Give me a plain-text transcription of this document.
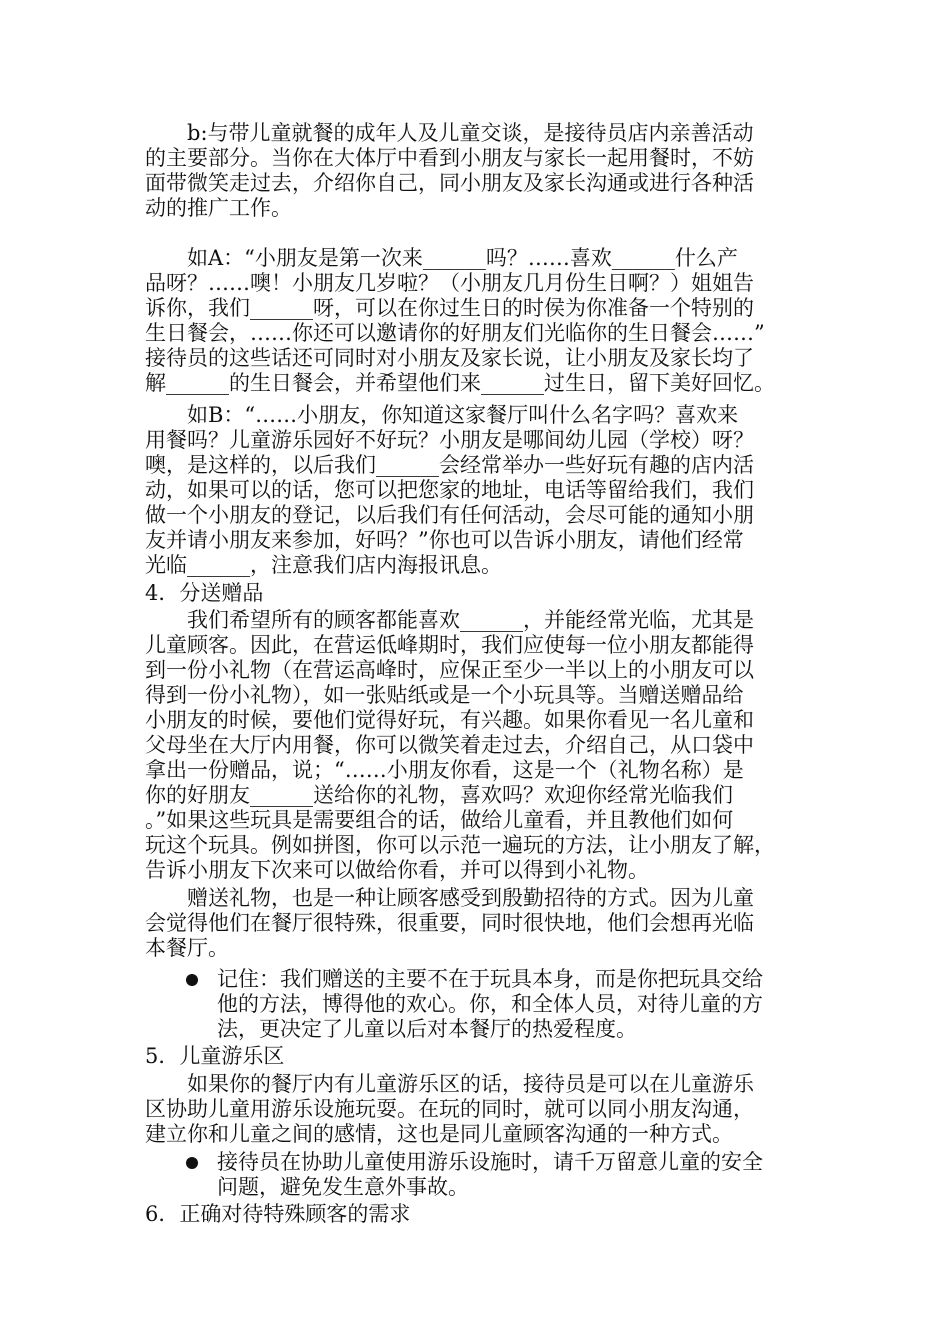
b:与带儿童就餐的成年人及儿童交谈，是接待员店内亲善活动
的主要部分。当你在大体厅中看到小朋友与家长一起用餐时，不妨
面带微笑走过去，介绍你自己，同小朋友及家长沟通或进行各种活
动的推广工作。
如A：“小朋友是第一次来______吗？……喜欢______什么产
品呀？……噢！小朋友几岁啦？（小朋友几月份生日啊？）姐姐告
诉你，我们______呀，可以在你过生日的时侯为你准备一个特别的
生日餐会，……你还可以邀请你的好朋友们光临你的生日餐会……”
接待员的这些话还可同时对小朋友及家长说，让小朋友及家长均了
解______的生日餐会，并希望他们来______过生日，留下美好回忆。
如B：“……小朋友，你知道这家餐厅叫什么名字吗？喜欢来
用餐吗？儿童游乐园好不好玩？小朋友是哪间幼儿园（学校）呀？
噢，是这样的，以后我们______会经常举办一些好玩有趣的店内活
动，如果可以的话，您可以把您家的地址，电话等留给我们，我们
做一个小朋友的登记，以后我们有任何活动，会尽可能的通知小朋
友并请小朋友来参加，好吗？”你也可以告诉小朋友，请他们经常
光临______，注意我们店内海报讯息。
4．分送赠品
我们希望所有的顾客都能喜欢______，并能经常光临，尤其是
儿童顾客。因此，在营运低峰期时，我们应使每一位小朋友都能得
到一份小礼物（在营运高峰时，应保正至少一半以上的小朋友可以
得到一份小礼物），如一张贴纸或是一个小玩具等。当赠送赠品给
小朋友的时候，要他们觉得好玩，有兴趣。如果你看见一名儿童和
父母坐在大厅内用餐，你可以微笑着走过去，介绍自己，从口袋中
拿出一份赠品，说；“……小朋友你看，这是一个（礼物名称）是
你的好朋友______送给你的礼物，喜欢吗？欢迎你经常光临我们
。”如果这些玩具是需要组合的话，做给儿童看，并且教他们如何
玩这个玩具。例如拼图，你可以示范一遍玩的方法，让小朋友了解，
告诉小朋友下次来可以做给你看，并可以得到小礼物。
赠送礼物，也是一种让顾客感受到殷勤招待的方式。因为儿童
会觉得他们在餐厅很特殊，很重要，同时很快地，他们会想再光临
本餐厅。
记住：我们赠送的主要不在于玩具本身，而是你把玩具交给
他的方法，博得他的欢心。你，和全体人员，对待儿童的方
法，更决定了儿童以后对本餐厅的热爱程度。
5．儿童游乐区
如果你的餐厅内有儿童游乐区的话，接待员是可以在儿童游乐
区协助儿童用游乐设施玩耍。在玩的同时，就可以同小朋友沟通，
建立你和儿童之间的感情，这也是同儿童顾客沟通的一种方式。
接待员在协助儿童使用游乐设施时，请千万留意儿童的安全
问题，避免发生意外事故。
6．正确对待特殊顾客的需求
